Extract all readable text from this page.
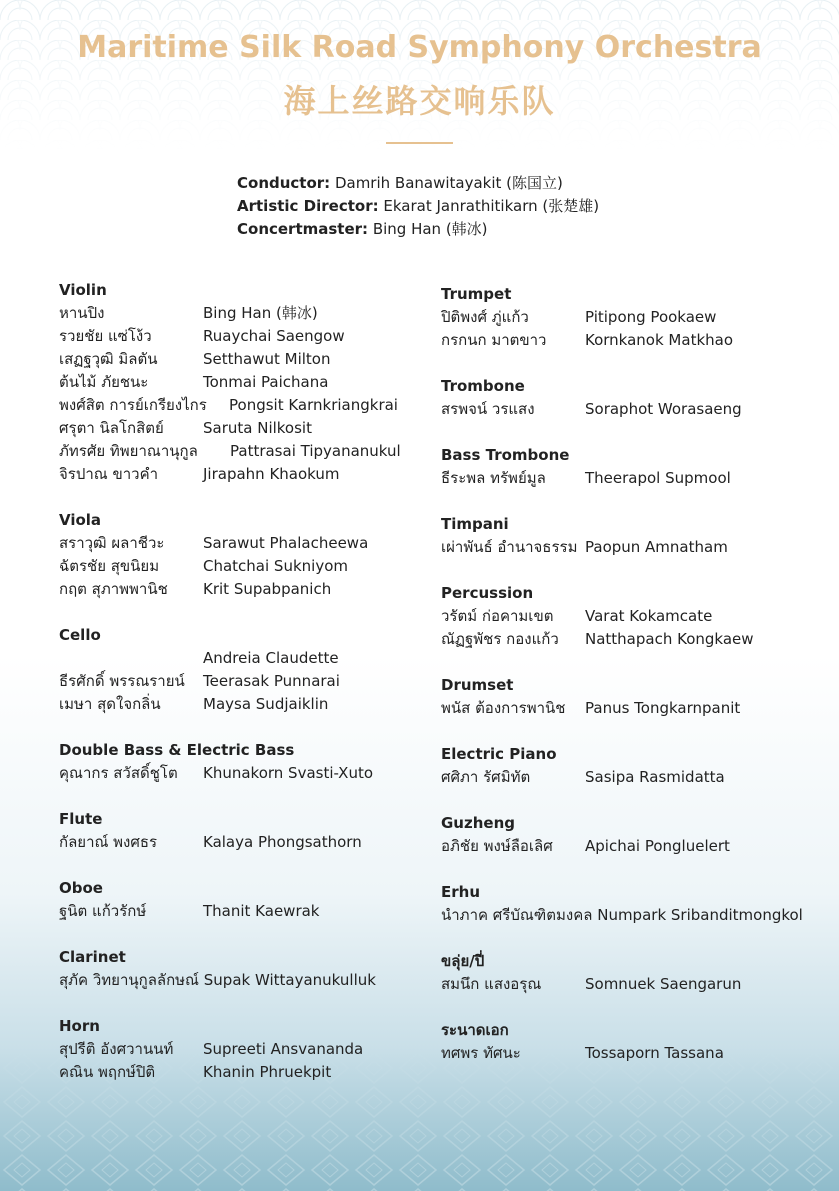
Maritime Silk Road Symphony Orchestra
海上丝路交响乐队
Conductor: Damrih Banawitayakit (陈国立)
Artistic Director: Ekarat Janrathitikarn (张楚雄)
Concertmaster: Bing Han (韩冰)
Violin
หานปิง	Bing Han (韩冰)
รวยชัย แซ่โง้ว	Ruaychai Saengow
เสฏฐวุฒิ มิลตัน	Setthawut Milton
ต้นไม้ ภัยชนะ	Tonmai Paichana
พงศ์สิต การย์เกรียงไกร Pongsit Karnkriangkrai
ศรุตา นิลโกสิตย์	Saruta Nilkosit
ภัทรศัย ทิพยาณานุกูล Pattrasai Tipyananukul
จิรปาณ ขาวคำ	Jirapahn Khaokum
Viola
สราวุฒิ ผลาชีวะ	Sarawut Phalacheewa
ฉัตรชัย สุขนิยม	Chatchai Sukniyom
กฤต สุภาพพานิช Krit Supabpanich
Cello
Andreia Claudette
ธีรศักดิ์ พรรณรายน์ Teerasak Punnarai
เมษา สุดใจกลิ่น	Maysa Sudjaiklin
Double Bass & Electric Bass
คุณากร สวัสดิ์ชูโต Khunakorn Svasti-Xuto
Flute
กัลยาณ์ พงศธร	Kalaya Phongsathorn
Oboe
ฐนิต แก้วรักษ์	Thanit Kaewrak
Clarinet
สุภัค วิทยานุกูลลักษณ์ Supak Wittayanukulluk
Horn
สุปรีติ อังศวานนท์ Supreeti Ansvananda
คณิน พฤกษ์ปิติ	Khanin Phruekpit
Trumpet
ปิติพงศ์ ภู่แก้ว	Pitipong Pookaew
กรกนก มาตขาว	Kornkanok Matkhao
Trombone
สรพจน์ วรแสง	Soraphot Worasaeng
Bass Trombone
ธีระพล ทรัพย์มูล	Theerapol Supmool
Timpani
เผ่าพันธ์ อำนาจธรรม Paopun Amnatham
Percussion
วรัตม์ ก่อคามเขต Varat Kokamcate
ณัฏฐพัชร กองแก้ว Natthapach Kongkaew
Drumset
พนัส ต้องการพานิช Panus Tongkarnpanit
Electric Piano
ศศิภา รัศมิทัต	Sasipa Rasmidatta
Guzheng
อภิชัย พงษ์ลือเลิศ Apichai Pongluelert
Erhu
นำภาค ศรีบัณฑิตมงคล Numpark Sribanditmongkol
ขลุ่ย/ปี่
สมนึก แสงอรุณ	Somnuek Saengarun
ระนาดเอก
ทศพร ทัศนะ	Tossaporn Tassana
